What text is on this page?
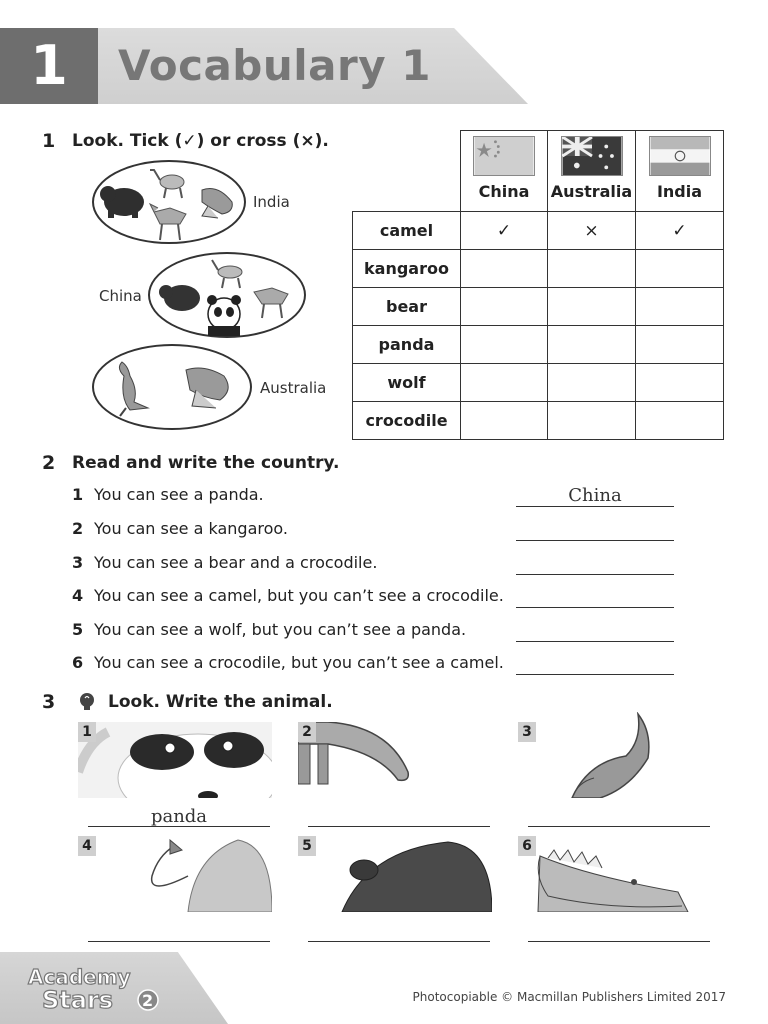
1	Vocabulary 1
1 Look. Tick (✓) or cross (×).
India
China
Australia
China Australia India
camel	✓	×	✓
kangaroo
bear
panda
wolf
crocodile
2 Read and write the country.
1 You can see a panda.
2 You can see a kangaroo.
3 You can see a bear and a crocodile.
4 You can see a camel, but you can’t see a crocodile.
5 You can see a wolf, but you can’t see a panda.
6 You can see a crocodile, but you can’t see a camel.
China
3	Look. Write the animal.
1
panda
2	3
4	5	6
Academy
Stars 2	Photocopiable © Macmillan Publishers Limited 2017
